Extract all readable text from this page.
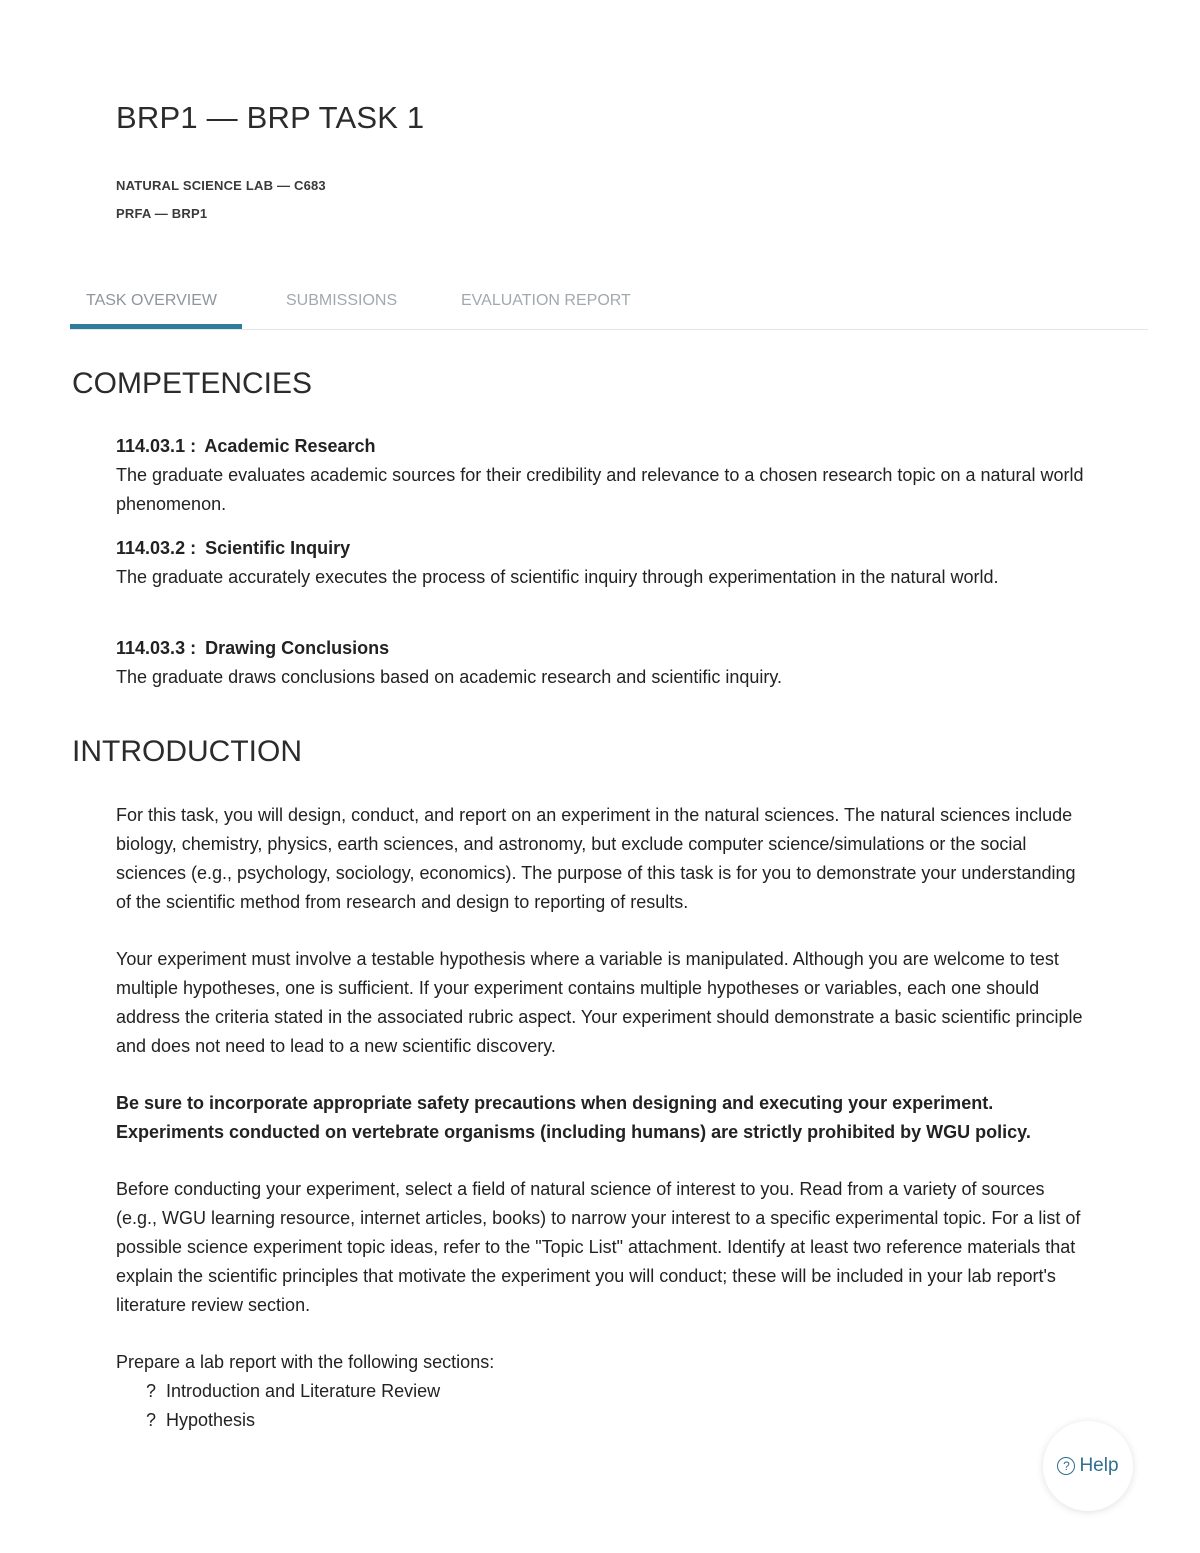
BRP1 — BRP TASK 1
NATURAL SCIENCE LAB — C683
PRFA — BRP1
TASK OVERVIEW	SUBMISSIONS	EVALUATION REPORT
COMPETENCIES
114.03.1 : Academic Research
The graduate evaluates academic sources for their credibility and relevance to a chosen research topic on a natural world phenomenon.
114.03.2 : Scientific Inquiry
The graduate accurately executes the process of scientific inquiry through experimentation in the natural world.
114.03.3 : Drawing Conclusions
The graduate draws conclusions based on academic research and scientific inquiry.
INTRODUCTION

For this task, you will design, conduct, and report on an experiment in the natural sciences. The natural sciences include biology, chemistry, physics, earth sciences, and astronomy, but exclude computer science/simulations or the social sciences (e.g., psychology, sociology, economics). The purpose of this task is for you to demonstrate your understanding of the scientific method from research and design to reporting of results.

Your experiment must involve a testable hypothesis where a variable is manipulated. Although you are welcome to test multiple hypotheses, one is sufficient. If your experiment contains multiple hypotheses or variables, each one should address the criteria stated in the associated rubric aspect. Your experiment should demonstrate a basic scientific principle and does not need to lead to a new scientific discovery.

Be sure to incorporate appropriate safety precautions when designing and executing your experiment. Experiments conducted on vertebrate organisms (including humans) are strictly prohibited by WGU policy.

Before conducting your experiment, select a field of natural science of interest to you. Read from a variety of sources (e.g., WGU learning resource, internet articles, books) to narrow your interest to a specific experimental topic. For a list of possible science experiment topic ideas, refer to the "Topic List" attachment. Identify at least two reference materials that explain the scientific principles that motivate the experiment you will conduct; these will be included in your lab report's literature review section.

Prepare a lab report with the following sections:

? Introduction and Literature Review
? Hypothesis
? Help
